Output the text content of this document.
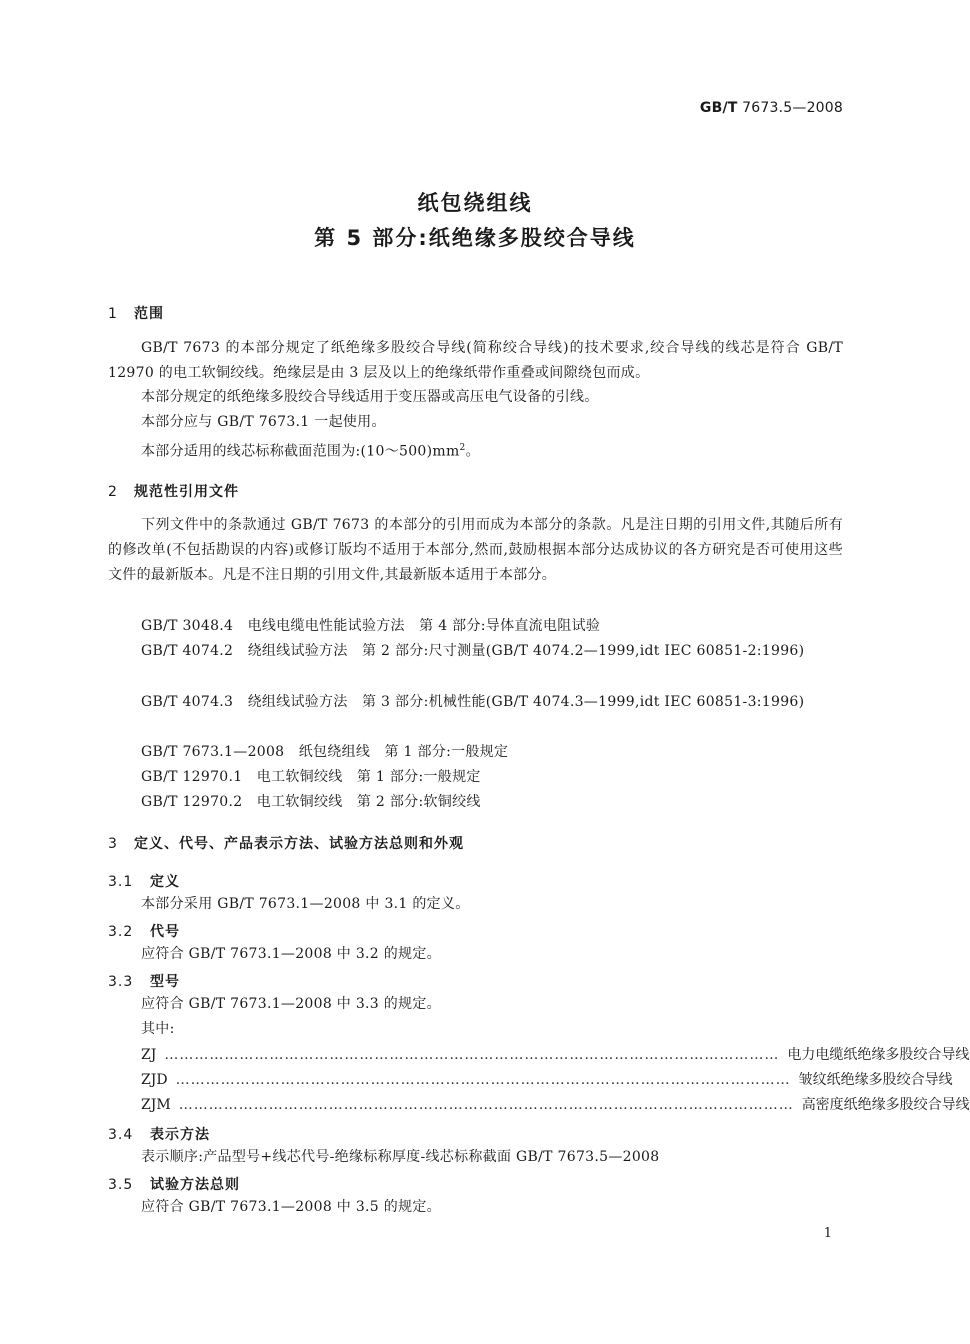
GB/T 7673.5—2008
纸包绕组线
第 5 部分:纸绝缘多股绞合导线
1 范围
GB/T 7673 的本部分规定了纸绝缘多股绞合导线(简称绞合导线)的技术要求,绞合导线的线芯是符合 GB/T 12970 的电工软铜绞线。绝缘层是由 3 层及以上的绝缘纸带作重叠或间隙绕包而成。
本部分规定的纸绝缘多股绞合导线适用于变压器或高压电气设备的引线。
本部分应与 GB/T 7673.1 一起使用。
本部分适用的线芯标称截面范围为$:(10\sim 500)mm^2$。
2 规范性引用文件
下列文件中的条款通过 GB/T 7673 的本部分的引用而成为本部分的条款。凡是注日期的引用文件,其随后所有的修改单(不包括勘误的内容)或修订版均不适用于本部分,然而,鼓励根据本部分达成协议的各方研究是否可使用这些文件的最新版本。凡是不注日期的引用文件,其最新版本适用于本部分。
GB/T 3048.4　电线电缆电性能试验方法　第 4 部分:导体直流电阻试验
GB/T 4074.2　绕组线试验方法　第 2 部分:尺寸测量(GB/T 4074.2—1999,idt IEC 60851-2:1996)
GB/T 4074.3　绕组线试验方法　第 3 部分:机械性能(GB/T 4074.3—1999,idt IEC 60851-3:1996)
GB/T 7673.1—2008　纸包绕组线　第 1 部分:一般规定
GB/T 12970.1　电工软铜绞线　第 1 部分:一般规定
GB/T 12970.2　电工软铜绞线　第 2 部分:软铜绞线
3 定义、代号、产品表示方法、试验方法总则和外观
3.1 定义
本部分采用 GB/T 7673.1—2008 中 3.1 的定义。
3.2 代号
应符合 GB/T 7673.1—2008 中 3.2 的规定。
3.3 型号
应符合 GB/T 7673.1—2008 中 3.3 的规定。
其中:
ZJ …………………………………………………………………………………………………………… 电力电缆纸绝缘多股绞合导线
ZJD …………………………………………………………………………………………………………… 皱纹纸绝缘多股绞合导线
ZJM …………………………………………………………………………………………………………… 高密度纸绝缘多股绞合导线
3.4 表示方法
表示顺序:产品型号+线芯代号-绝缘标称厚度-线芯标称截面 GB/T 7673.5—2008
3.5 试验方法总则
应符合 GB/T 7673.1—2008 中 3.5 的规定。
1
